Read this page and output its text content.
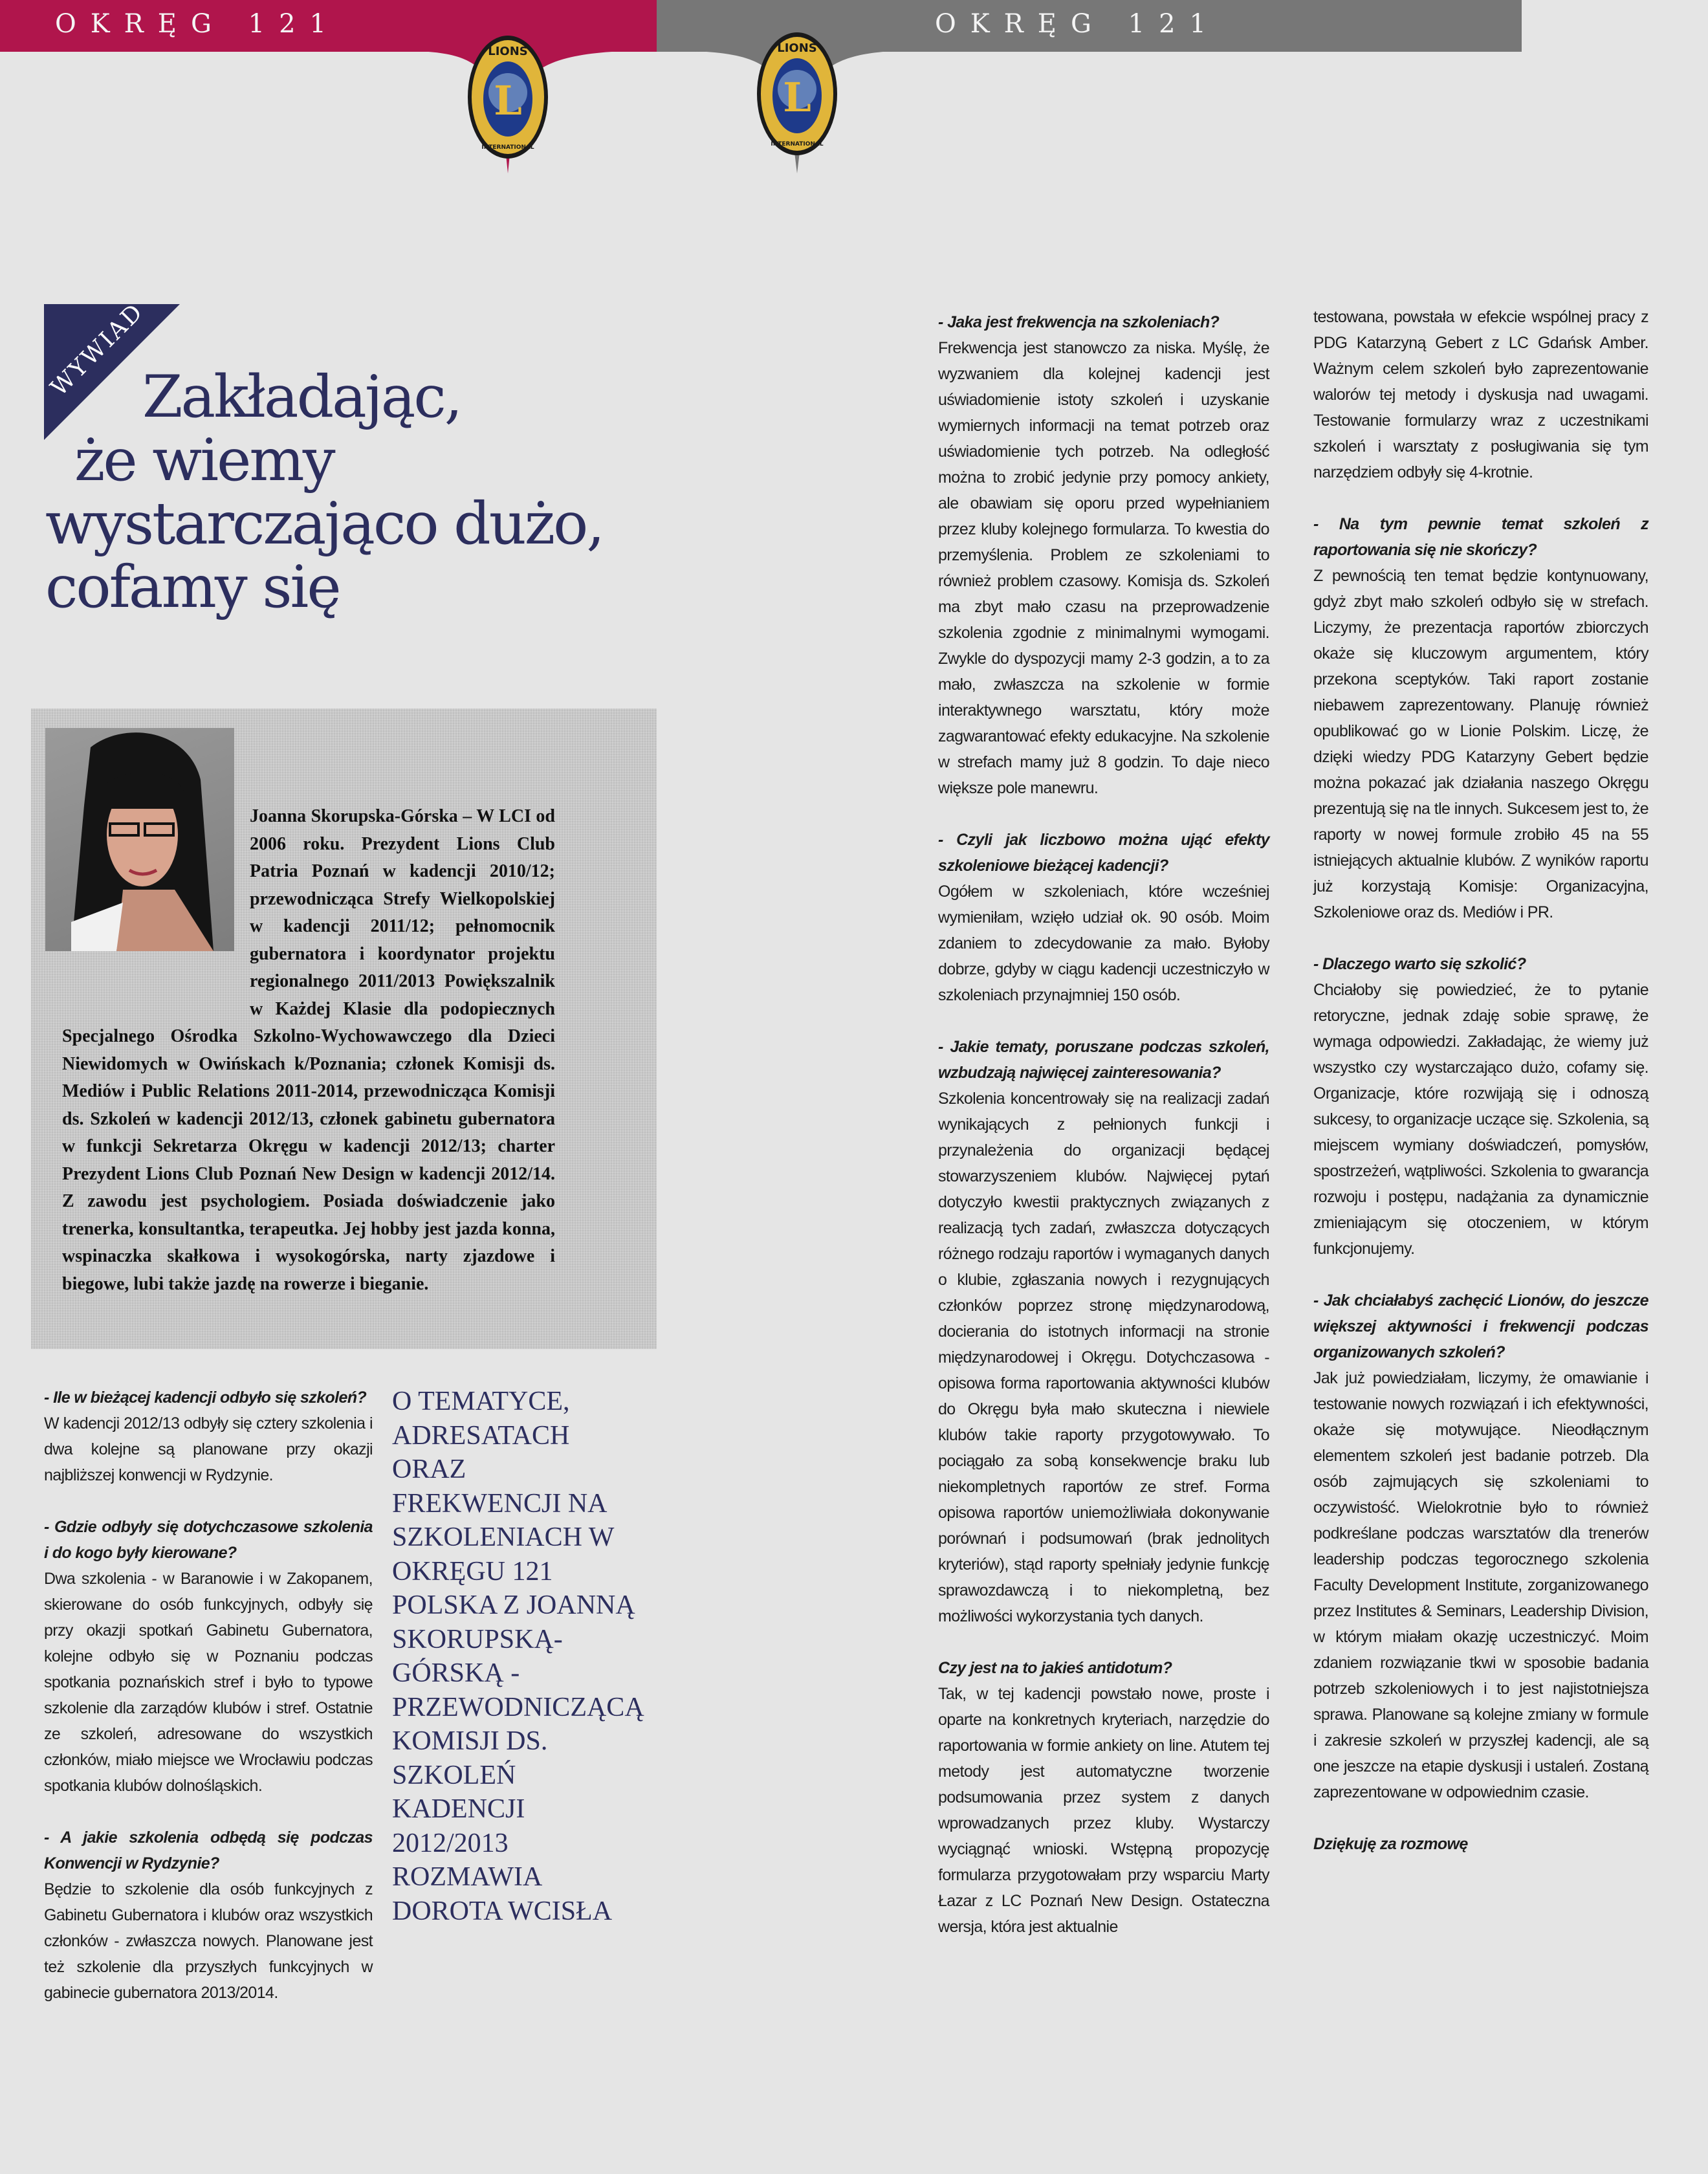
OKRĘG 121	OKRĘG 121
L
LIONS
INTERNATIONAL
L
LIONS
INTERNATIONAL
WYWIAD
Zakładając,
że wiemy
wystarczająco dużo,
cofamy się
Joanna Skorupska-Górska – W LCI od 2006 roku. Prezydent Lions Club Patria Poznań w kadencji 2010/12; przewodnicząca Strefy Wielkopolskiej w kadencji 2011/12; pełnomocnik gubernatora i koordynator projektu regionalnego 2011/2013 Powiększalnik w Każdej Klasie dla podopiecznych Specjalnego Ośrodka Szkolno-Wychowawczego dla Dzieci Niewidomych w Owińskach k/Poznania; członek Komisji ds. Mediów i Public Relations 2011-2014, przewodnicząca Komisji ds. Szkoleń w kadencji 2012/13, członek gabinetu gubernatora w funkcji Sekretarza Okręgu w kadencji 2012/13; charter Prezydent Lions Club Poznań New Design w kadencji 2012/14. Z zawodu jest psychologiem. Posiada doświadczenie jako trenerka, konsultantka, terapeutka. Jej hobby jest jazda konna, wspinaczka skałkowa i wysokogórska, narty zjazdowe i biegowe, lubi także jazdę na rowerze i bieganie.
O TEMATYCE, ADRESATACH ORAZ FREKWENCJI NA SZKOLENIACH W OKRĘGU 121 POLSKA Z JOANNĄ SKORUPSKĄ-GÓRSKĄ - PRZEWODNICZĄCĄ KOMISJI DS. SZKOLEŃ KADENCJI 2012/2013 ROZMAWIA DOROTA WCISŁA

- Ile w bieżącej kadencji odbyło się szkoleń?

W kadencji 2012/13 odbyły się cztery szkolenia i dwa kolejne są planowane przy okazji najbliższej konwencji w Rydzynie.

- Gdzie odbyły się dotychczasowe szkolenia i do kogo były kierowane?

Dwa szkolenia - w Baranowie i w Zakopanem, skierowane do osób funkcyjnych, odbyły się przy okazji spotkań Gabinetu Gubernatora, kolejne odbyło się w Poznaniu podczas spotkania poznańskich stref i było to typowe szkolenie dla zarządów klubów i stref. Ostatnie ze szkoleń, adresowane do wszystkich członków, miało miejsce we Wrocławiu podczas spotkania klubów dolnośląskich.

- A jakie szkolenia odbędą się podczas Konwencji w Rydzynie?

Będzie to szkolenie dla osób funkcyjnych z Gabinetu Gubernatora i klubów oraz wszystkich członków - zwłaszcza nowych. Planowane jest też szkolenie dla przyszłych funkcyjnych w gabinecie gubernatora 2013/2014.

- Jaka jest frekwencja na szkoleniach?

Frekwencja jest stanowczo za niska. Myślę, że wyzwaniem dla kolejnej kadencji jest uświadomienie istoty szkoleń i uzyskanie wymiernych informacji na temat potrzeb oraz uświadomienie tych potrzeb. Na odległość można to zrobić jedynie przy pomocy ankiety, ale obawiam się oporu przed wypełnianiem przez kluby kolejnego formularza. To kwestia do przemyślenia. Problem ze szkoleniami to również problem czasowy. Komisja ds. Szkoleń ma zbyt mało czasu na przeprowadzenie szkolenia zgodnie z minimalnymi wymogami. Zwykle do dyspozycji mamy 2-3 godzin, a to za mało, zwłaszcza na szkolenie w formie interaktywnego warsztatu, który może zagwarantować efekty edukacyjne. Na szkolenie w strefach mamy już 8 godzin. To daje nieco większe pole manewru.

- Czyli jak liczbowo można ująć efekty szkoleniowe bieżącej kadencji?

Ogółem w szkoleniach, które wcześniej wymieniłam, wzięło udział ok. 90 osób. Moim zdaniem to zdecydowanie za mało. Byłoby dobrze, gdyby w ciągu kadencji uczestniczyło w szkoleniach przynajmniej 150 osób.

- Jakie tematy, poruszane podczas szkoleń, wzbudzają najwięcej zainteresowania?

Szkolenia koncentrowały się na realizacji zadań wynikających z pełnionych funkcji i przynależenia do organizacji będącej stowarzyszeniem klubów. Najwięcej pytań dotyczyło kwestii praktycznych związanych z realizacją tych zadań, zwłaszcza dotyczących różnego rodzaju raportów i wymaganych danych o klubie, zgłaszania nowych i rezygnujących członków poprzez stronę międzynarodową, docierania do istotnych informacji na stronie międzynarodowej i Okręgu. Dotychczasowa - opisowa forma raportowania aktywności klubów do Okręgu była mało skuteczna i niewiele klubów takie raporty przygotowywało. To pociągało za sobą konsekwencje braku lub niekompletnych raportów ze stref. Forma opisowa raportów uniemożliwiała dokonywanie porównań i podsumowań (brak jednolitych kryteriów), stąd raporty spełniały jedynie funkcję sprawozdawczą i to niekompletną, bez możliwości wykorzystania tych danych.

Czy jest na to jakieś antidotum?

Tak, w tej kadencji powstało nowe, proste i oparte na konkretnych kryteriach, narzędzie do raportowania w formie ankiety on line. Atutem tej metody jest automatyczne tworzenie podsumowania przez system z danych wprowadzanych przez kluby. Wystarczy wyciągnąć wnioski. Wstępną propozycję formularza przygotowałam przy wsparciu Marty Łazar z LC Poznań New Design. Ostateczna wersja, która jest aktualnie

testowana, powstała w efekcie wspólnej pracy z PDG Katarzyną Gebert z LC Gdańsk Amber. Ważnym celem szkoleń było zaprezentowanie walorów tej metody i dyskusja nad uwagami. Testowanie formularzy wraz z uczestnikami szkoleń i warsztaty z posługiwania się tym narzędziem odbyły się 4-krotnie.

- Na tym pewnie temat szkoleń z raportowania się nie skończy?

Z pewnością ten temat będzie kontynuowany, gdyż zbyt mało szkoleń odbyło się w strefach. Liczymy, że prezentacja raportów zbiorczych okaże się kluczowym argumentem, który przekona sceptyków. Taki raport zostanie niebawem zaprezentowany. Planuję również opublikować go w Lionie Polskim. Liczę, że dzięki wiedzy PDG Katarzyny Gebert będzie można pokazać jak działania naszego Okręgu prezentują się na tle innych. Sukcesem jest to, że raporty w nowej formule zrobiło 45 na 55 istniejących aktualnie klubów. Z wyników raportu już korzystają Komisje: Organizacyjna, Szkoleniowe oraz ds. Mediów i PR.

- Dlaczego warto się szkolić?

Chciałoby się powiedzieć, że to pytanie retoryczne, jednak zdaję sobie sprawę, że wymaga odpowiedzi. Zakładając, że wiemy już wszystko czy wystarczająco dużo, cofamy się. Organizacje, które rozwijają się i odnoszą sukcesy, to organizacje uczące się. Szkolenia, są miejscem wymiany doświadczeń, pomysłów, spostrzeżeń, wątpliwości. Szkolenia to gwarancja rozwoju i postępu, nadążania za dynamicznie zmieniającym się otoczeniem, w którym funkcjonujemy.

- Jak chciałabyś zachęcić Lionów, do jeszcze większej aktywności i frekwencji podczas organizowanych szkoleń?

Jak już powiedziałam, liczymy, że omawianie i testowanie nowych rozwiązań i ich efektywności, okaże się motywujące. Nieodłącznym elementem szkoleń jest badanie potrzeb. Dla osób zajmujących się szkoleniami to oczywistość. Wielokrotnie było to również podkreślane podczas warsztatów dla trenerów leadership podczas tegorocznego szkolenia Faculty Development Institute, zorganizowanego przez Institutes & Seminars, Leadership Division, w którym miałam okazję uczestniczyć. Moim zdaniem rozwiązanie tkwi w sposobie badania potrzeb szkoleniowych i to jest najistotniejsza sprawa. Planowane są kolejne zmiany w formule i zakresie szkoleń w przyszłej kadencji, ale są one jeszcze na etapie dyskusji i ustaleń. Zostaną zaprezentowane w odpowiednim czasie.

Dziękuję za rozmowę
